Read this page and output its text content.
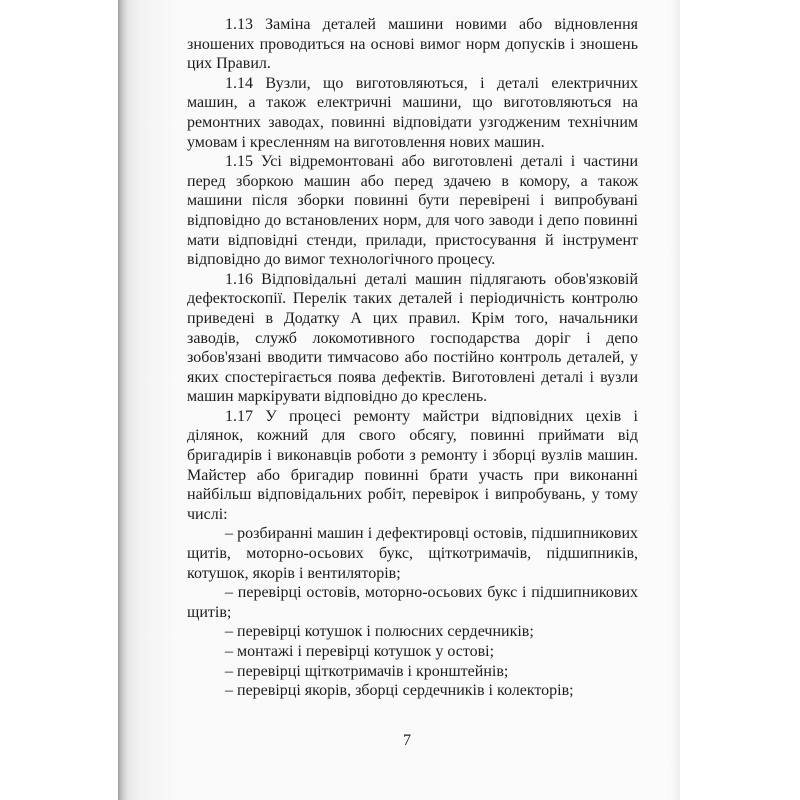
1.13 Заміна деталей машини новими або відновлення зношених проводиться на основі вимог норм допусків і зношень цих Правил.

1.14 Вузли, що виготовляються, і деталі електричних машин, а також електричні машини, що виготовляються на ремонтних заводах, повинні відповідати узгодженим технічним умовам і кресленням на виготовлення нових машин.

1.15 Усі відремонтовані або виготовлені деталі і частини перед зборкою машин або перед здачею в комору, а також машини після зборки повинні бути перевірені і випробувані відповідно до встановлених норм, для чого заводи і депо повинні мати відповідні стенди, прилади, пристосування й інструмент відповідно до вимог технологічного процесу.

1.16 Відповідальні деталі машин підлягають обов'язковій дефектоскопії. Перелік таких деталей і періодичність контролю приведені в Додатку А цих правил. Крім того, начальники заводів, служб локомотивного господарства доріг і депо зобов'язані вводити тимчасово або постійно контроль деталей, у яких спостерігається поява дефектів. Виготовлені деталі і вузли машин маркірувати відповідно до креслень.

1.17 У процесі ремонту майстри відповідних цехів і ділянок, кожний для свого обсягу, повинні приймати від бригадирів і виконавців роботи з ремонту і зборці вузлів машин. Майстер або бригадир повинні брати участь при виконанні найбільш відповідальних робіт, перевірок і випробувань, у тому числі:

– розбиранні машин і дефектировці остовів, підшипникових щитів, моторно-осьових букс, щіткотримачів, підшипників, котушок, якорів і вентиляторів;

– перевірці остовів, моторно-осьових букс і підшипникових щитів;

– перевірці котушок і полюсних сердечників;

– монтажі і перевірці котушок у остові;

– перевірці щіткотримачів і кронштейнів;

– перевірці якорів, зборці сердечників і колекторів;

7
